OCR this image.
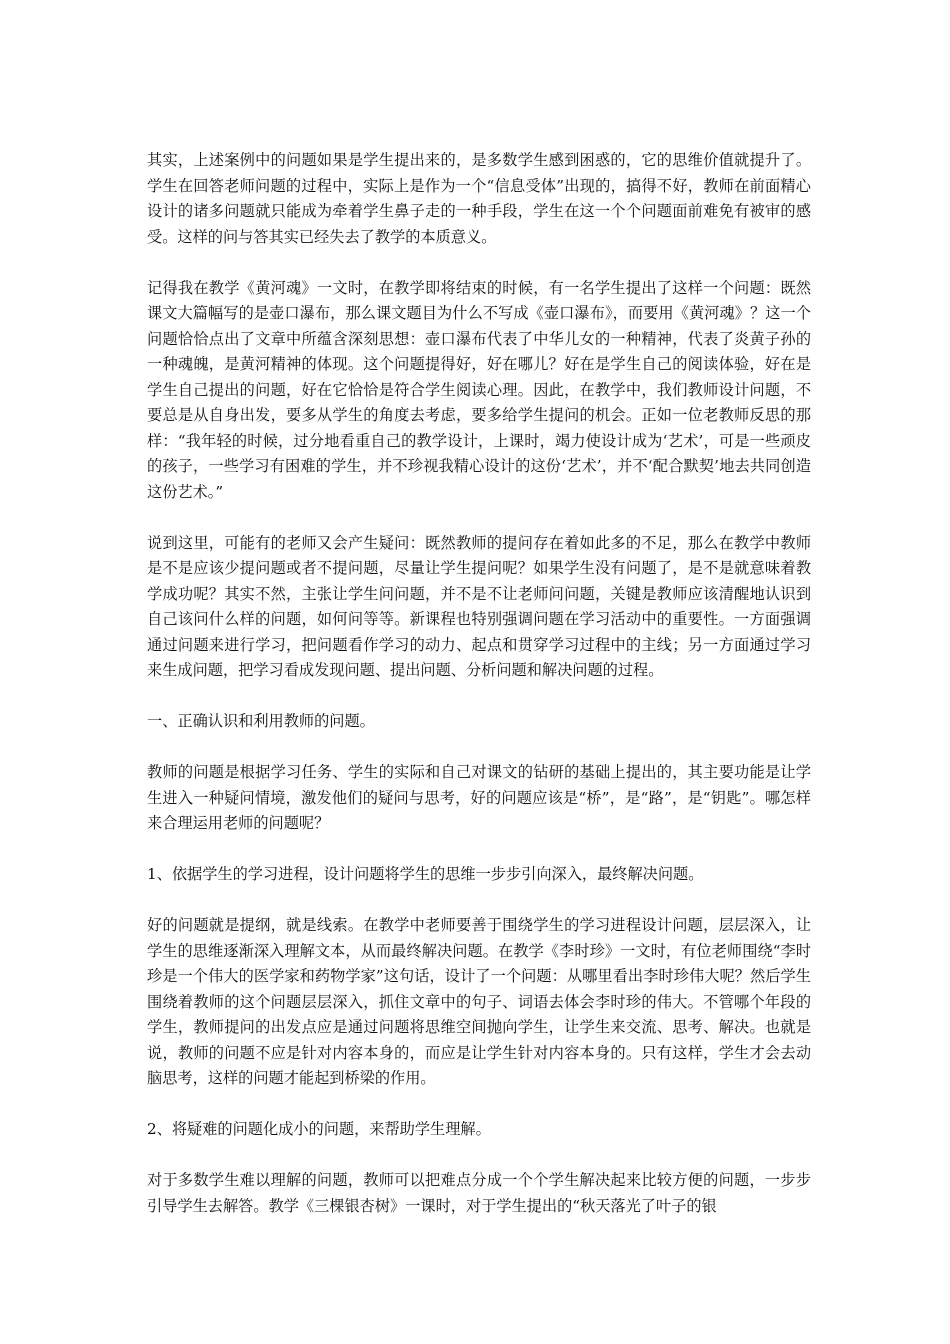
其实，上述案例中的问题如果是学生提出来的，是多数学生感到困惑的，它的思维价值就提升了。学生在回答老师问题的过程中，实际上是作为一个“信息受体”出现的，搞得不好，教师在前面精心设计的诸多问题就只能成为牵着学生鼻子走的一种手段，学生在这一个个问题面前难免有被审的感受。这样的问与答其实已经失去了教学的本质意义。

记得我在教学《黄河魂》一文时，在教学即将结束的时候，有一名学生提出了这样一个问题：既然课文大篇幅写的是壶口瀑布，那么课文题目为什么不写成《壶口瀑布》，而要用《黄河魂》？这一个问题恰恰点出了文章中所蕴含深刻思想：壶口瀑布代表了中华儿女的一种精神，代表了炎黄子孙的一种魂魄，是黄河精神的体现。这个问题提得好，好在哪儿？好在是学生自己的阅读体验，好在是学生自己提出的问题，好在它恰恰是符合学生阅读心理。因此，在教学中，我们教师设计问题，不要总是从自身出发，要多从学生的角度去考虑，要多给学生提问的机会。正如一位老教师反思的那样：“我年轻的时候，过分地看重自己的教学设计，上课时，竭力使设计成为‘艺术’，可是一些顽皮的孩子，一些学习有困难的学生，并不珍视我精心设计的这份‘艺术’，并不‘配合默契’地去共同创造这份艺术。”

说到这里，可能有的老师又会产生疑问：既然教师的提问存在着如此多的不足，那么在教学中教师是不是应该少提问题或者不提问题，尽量让学生提问呢？如果学生没有问题了，是不是就意味着教学成功呢？其实不然，主张让学生问问题，并不是不让老师问问题，关键是教师应该清醒地认识到自己该问什么样的问题，如何问等等。新课程也特别强调问题在学习活动中的重要性。一方面强调通过问题来进行学习，把问题看作学习的动力、起点和贯穿学习过程中的主线；另一方面通过学习来生成问题，把学习看成发现问题、提出问题、分析问题和解决问题的过程。

一、正确认识和利用教师的问题。

教师的问题是根据学习任务、学生的实际和自己对课文的钻研的基础上提出的，其主要功能是让学生进入一种疑问情境，激发他们的疑问与思考，好的问题应该是“桥”，是“路”，是“钥匙”。哪怎样来合理运用老师的问题呢？

1、依据学生的学习进程，设计问题将学生的思维一步步引向深入，最终解决问题。

好的问题就是提纲，就是线索。在教学中老师要善于围绕学生的学习进程设计问题，层层深入，让学生的思维逐渐深入理解文本，从而最终解决问题。在教学《李时珍》一文时，有位老师围绕“李时珍是一个伟大的医学家和药物学家”这句话，设计了一个问题：从哪里看出李时珍伟大呢？然后学生围绕着教师的这个问题层层深入，抓住文章中的句子、词语去体会李时珍的伟大。不管哪个年段的学生，教师提问的出发点应是通过问题将思维空间抛向学生，让学生来交流、思考、解决。也就是说，教师的问题不应是针对内容本身的，而应是让学生针对内容本身的。只有这样，学生才会去动脑思考，这样的问题才能起到桥梁的作用。

2、将疑难的问题化成小的问题，来帮助学生理解。

对于多数学生难以理解的问题，教师可以把难点分成一个个学生解决起来比较方便的问题，一步步引导学生去解答。教学《三棵银杏树》一课时，对于学生提出的“秋天落光了叶子的银
